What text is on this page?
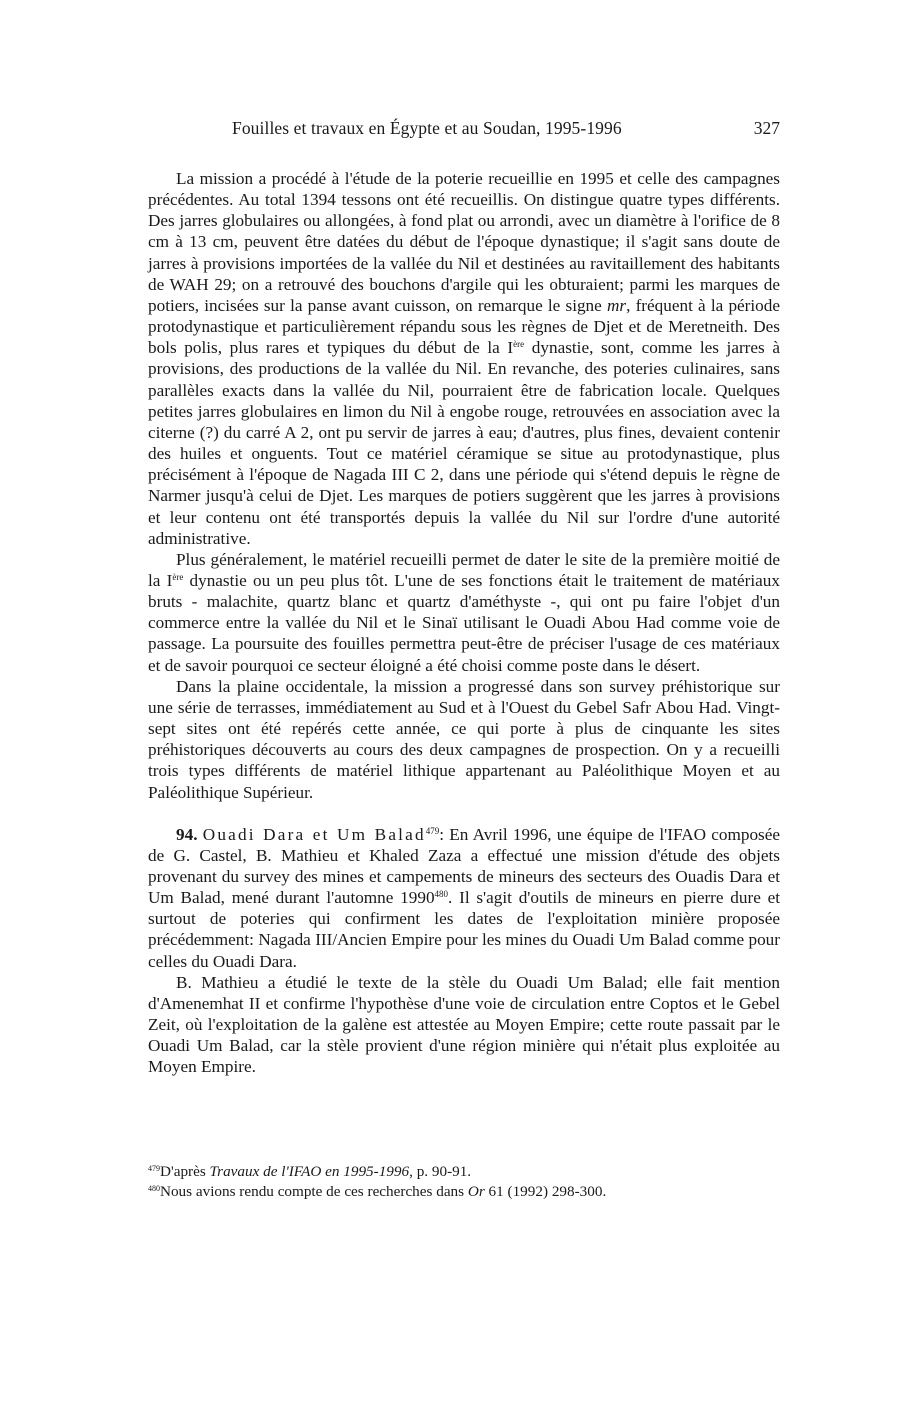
Fouilles et travaux en Égypte et au Soudan, 1995-1996	327

La mission a procédé à l'étude de la poterie recueillie en 1995 et celle des campagnes précédentes. Au total 1394 tessons ont été recueillis. On distingue quatre types différents. Des jarres globulaires ou allongées, à fond plat ou arrondi, avec un diamètre à l'orifice de 8 cm à 13 cm, peuvent être datées du début de l'époque dynastique; il s'agit sans doute de jarres à provisions importées de la vallée du Nil et destinées au ravitaillement des habitants de WAH 29; on a retrouvé des bouchons d'argile qui les obturaient; parmi les marques de potiers, incisées sur la panse avant cuisson, on remarque le signe mr, fréquent à la période protodynastique et particulièrement répandu sous les règnes de Djet et de Meretneith. Des bols polis, plus rares et typiques du début de la Ière dynastie, sont, comme les jarres à provisions, des productions de la vallée du Nil. En revanche, des poteries culinaires, sans parallèles exacts dans la vallée du Nil, pourraient être de fabrication locale. Quelques petites jarres globulaires en limon du Nil à engobe rouge, retrouvées en association avec la citerne (?) du carré A 2, ont pu servir de jarres à eau; d'autres, plus fines, devaient contenir des huiles et onguents. Tout ce matériel céramique se situe au protodynastique, plus précisément à l'époque de Nagada III C 2, dans une période qui s'étend depuis le règne de Narmer jusqu'à celui de Djet. Les marques de potiers suggèrent que les jarres à provisions et leur contenu ont été transportés depuis la vallée du Nil sur l'ordre d'une autorité administrative.

Plus généralement, le matériel recueilli permet de dater le site de la première moitié de la Ière dynastie ou un peu plus tôt. L'une de ses fonctions était le traitement de matériaux bruts - malachite, quartz blanc et quartz d'améthyste -, qui ont pu faire l'objet d'un commerce entre la vallée du Nil et le Sinaï utilisant le Ouadi Abou Had comme voie de passage. La poursuite des fouilles permettra peut-être de préciser l'usage de ces matériaux et de savoir pourquoi ce secteur éloigné a été choisi comme poste dans le désert.

Dans la plaine occidentale, la mission a progressé dans son survey préhistorique sur une série de terrasses, immédiatement au Sud et à l'Ouest du Gebel Safr Abou Had. Vingt-sept sites ont été repérés cette année, ce qui porte à plus de cinquante les sites préhistoriques découverts au cours des deux campagnes de prospection. On y a recueilli trois types différents de matériel lithique appartenant au Paléolithique Moyen et au Paléolithique Supérieur.

94. Ouadi Dara et Um Balad$^{479}$: En Avril 1996, une équipe de l'IFAO composée de G. Castel, B. Mathieu et Khaled Zaza a effectué une mission d'étude des objets provenant du survey des mines et campements de mineurs des secteurs des Ouadis Dara et Um Balad, mené durant l'automne 1990$^{480}$. Il s'agit d'outils de mineurs en pierre dure et surtout de poteries qui confirment les dates de l'exploitation minière proposée précédemment: Nagada III/Ancien Empire pour les mines du Ouadi Um Balad comme pour celles du Ouadi Dara.

B. Mathieu a étudié le texte de la stèle du Ouadi Um Balad; elle fait mention d'Amenemhat II et confirme l'hypothèse d'une voie de circulation entre Coptos et le Gebel Zeit, où l'exploitation de la galène est attestée au Moyen Empire; cette route passait par le Ouadi Um Balad, car la stèle provient d'une région minière qui n'était plus exploitée au Moyen Empire.

$^{479}$D'après Travaux de l'IFAO en 1995-1996, p. 90-91.

$^{480}$Nous avions rendu compte de ces recherches dans Or 61 (1992) 298-300.
